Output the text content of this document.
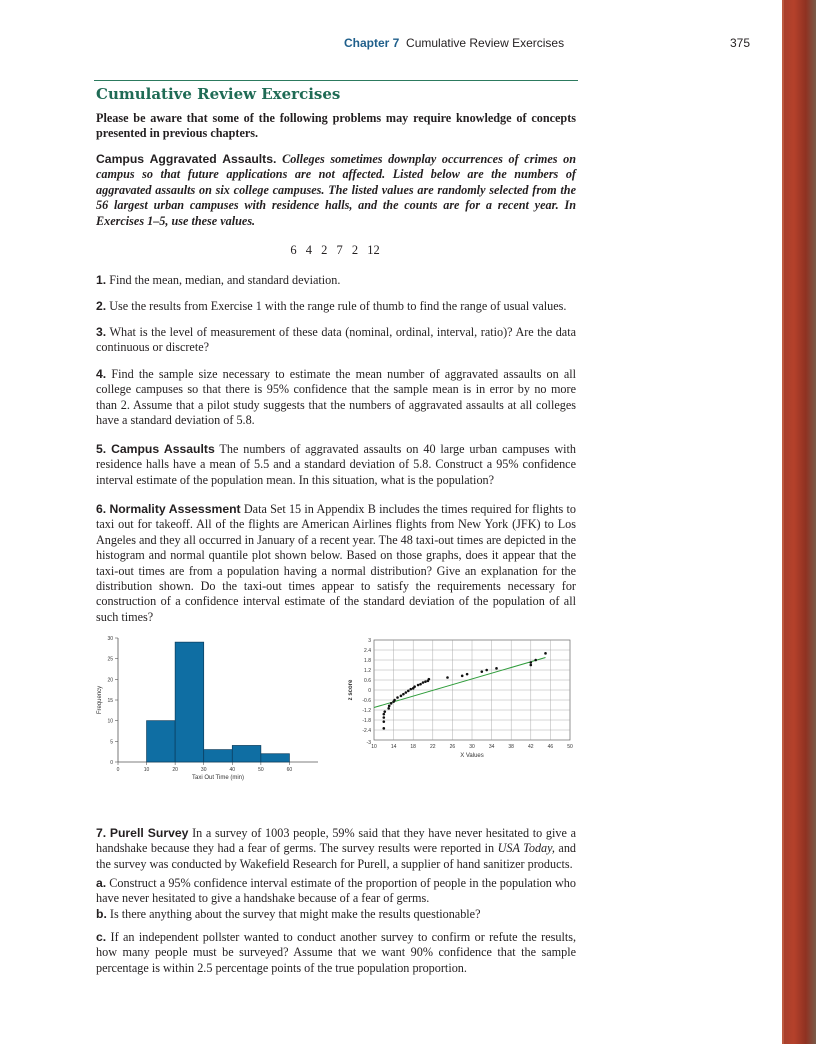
Chapter 7 Cumulative Review Exercises	375
Cumulative Review Exercises
Please be aware that some of the following problems may require knowledge of concepts presented in previous chapters.
Campus Aggravated Assaults. Colleges sometimes downplay occurrences of crimes on campus so that future applications are not affected. Listed below are the numbers of aggravated assaults on six college campuses. The listed values are randomly selected from the 56 largest urban campuses with residence halls, and the counts are for a recent year. In Exercises 1–5, use these values.
6 4 2 7 2 12
1. Find the mean, median, and standard deviation.
2. Use the results from Exercise 1 with the range rule of thumb to find the range of usual values.
3. What is the level of measurement of these data (nominal, ordinal, interval, ratio)? Are the data continuous or discrete?
4. Find the sample size necessary to estimate the mean number of aggravated assaults on all college campuses so that there is 95% confidence that the sample mean is in error by no more than 2. Assume that a pilot study suggests that the numbers of aggravated assaults at all colleges have a standard deviation of 5.8.
5. Campus Assaults The numbers of aggravated assaults on 40 large urban campuses with residence halls have a mean of 5.5 and a standard deviation of 5.8. Construct a 95% confidence interval estimate of the population mean. In this situation, what is the population?
6. Normality Assessment Data Set 15 in Appendix B includes the times required for flights to taxi out for takeoff. All of the flights are American Airlines flights from New York (JFK) to Los Angeles and they all occurred in January of a recent year. The 48 taxi-out times are depicted in the histogram and normal quantile plot shown below. Based on those graphs, does it appear that the taxi-out times are from a population having a normal distribution? Give an explanation for the distribution shown. Do the taxi-out times appear to satisfy the requirements necessary for construction of a confidence interval estimate of the standard deviation of the population of all such times?
0
5
10
15
20
25
30
0	10	20	30	40	50	60
Taxi Out Time (min)
Frequency
-2.4
-1.8
-1.2
-0.6
0
0.6
1.2
1.8
2.4
3
-3
10	14	18	22	26	30	34	38	42	46	50
X Values
z score
7. Purell Survey In a survey of 1003 people, 59% said that they have never hesitated to give a handshake because they had a fear of germs. The survey results were reported in USA Today, and the survey was conducted by Wakefield Research for Purell, a supplier of hand sanitizer products.
a. Construct a 95% confidence interval estimate of the proportion of people in the population who have never hesitated to give a handshake because of a fear of germs.
b. Is there anything about the survey that might make the results questionable?
c. If an independent pollster wanted to conduct another survey to confirm or refute the results, how many people must be surveyed? Assume that we want 90% confidence that the sample percentage is within 2.5 percentage points of the true population proportion.
